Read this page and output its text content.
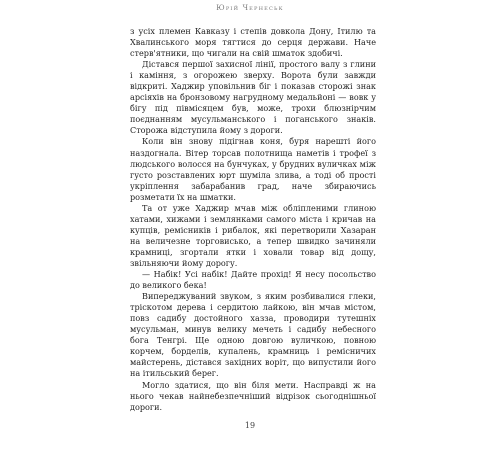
Юрій Чернеськ

з усіх племен Кавказу і степів довкола Дону, Ітилю та Хвалинського моря тягтися до серця держави. Наче стерв'ятники, що чигали на свій шматок здобичі.

Дістався першої захисної лінії, простого валу з глини і каміння, з огорожею зверху. Ворота були завжди відкриті. Хаджир уповільнив біг і показав сторожі знак арсіяхів на бронзовому нагрудному медальйоні — вовк у бігу під півмісяцем був, може, трохи блюзнірчим поєднанням мусульманського і поганського знаків. Сторожа відступила йому з дороги.

Коли він знову підігнав коня, буря нарешті його наздогнала. Вітер торсав полотнища наметів і трофеї з людського волосся на бунчуках, у брудних вуличках між густо розставлених юрт шуміла злива, а тоді об прості укріплення забарабанив град, наче збираючись розметати їх на шматки.

Та от уже Хаджир мчав між обліпленими глиною хатами, хижами і землянками самого міста і кричав на купців, ремісників і рибалок, які перетворили Хазаран на величезне торговисько, а тепер швидко зачиняли крамниці, згортали ятки і ховали товар від дощу, звільняючи йому дорогу.

— Набік! Усі набік! Дайте прохід! Я несу посольство до великого бека!

Випереджуваний звуком, з яким розбивалися глеки, тріскотом дерева і сердитою лайкою, він мчав містом, повз садибу достойного хазза, проводири тутешніх мусульман, минув велику мечеть і садибу небесного бога Тенгрі. Ще одною довгою вуличкою, повною корчем, борделів, купалень, крамниць і ремісничих майстерень, дістався західних воріт, що випустили його на ітильський берег.

Могло здатися, що він біля мети. Насправді ж на нього чекав найнебезпечніший відрізок сьогоднішньої дороги.

19
